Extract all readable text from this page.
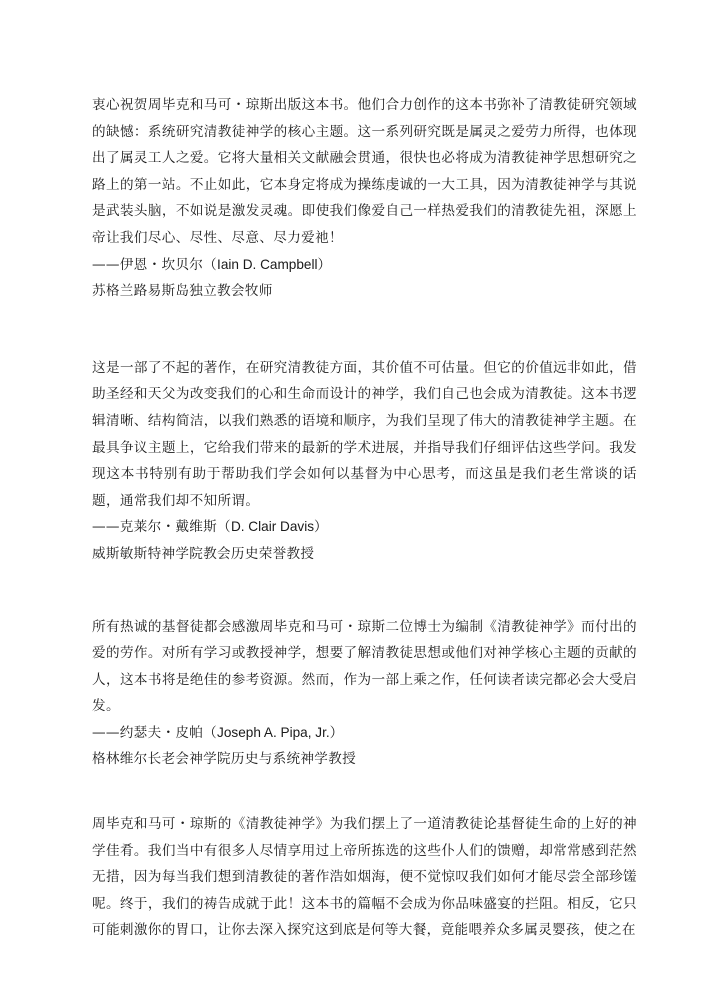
衷心祝贺周毕克和马可・琼斯出版这本书。他们合力创作的这本书弥补了清教徒研究领域的缺憾：系统研究清教徒神学的核心主题。这一系列研究既是属灵之爱劳力所得，也体现出了属灵工人之爱。它将大量相关文献融会贯通，很快也必将成为清教徒神学思想研究之路上的第一站。不止如此，它本身定将成为操练虔诚的一大工具，因为清教徒神学与其说是武装头脑，不如说是激发灵魂。即使我们像爱自己一样热爱我们的清教徒先祖，深愿上帝让我们尽心、尽性、尽意、尽力爱祂！

——伊恩・坎贝尔（Iain D. Campbell）

苏格兰路易斯岛独立教会牧师

这是一部了不起的著作，在研究清教徒方面，其价值不可估量。但它的价值远非如此，借助圣经和天父为改变我们的心和生命而设计的神学，我们自己也会成为清教徒。这本书逻辑清晰、结构简洁，以我们熟悉的语境和顺序，为我们呈现了伟大的清教徒神学主题。在最具争议主题上，它给我们带来的最新的学术进展，并指导我们仔细评估这些学问。我发现这本书特别有助于帮助我们学会如何以基督为中心思考，而这虽是我们老生常谈的话题，通常我们却不知所谓。

——克莱尔・戴维斯（D. Clair Davis）

威斯敏斯特神学院教会历史荣誉教授

所有热诚的基督徒都会感激周毕克和马可・琼斯二位博士为编制《清教徒神学》而付出的爱的劳作。对所有学习或教授神学，想要了解清教徒思想或他们对神学核心主题的贡献的人，这本书将是绝佳的参考资源。然而，作为一部上乘之作，任何读者读完都必会大受启发。

——约瑟夫・皮帕（Joseph A. Pipa, Jr.）

格林维尔长老会神学院历史与系统神学教授

周毕克和马可・琼斯的《清教徒神学》为我们摆上了一道清教徒论基督徒生命的上好的神学佳肴。我们当中有很多人尽情享用过上帝所拣选的这些仆人们的馈赠，却常常感到茫然无措，因为每当我们想到清教徒的著作浩如烟海，便不觉惊叹我们如何才能尽尝全部珍馐呢。终于，我们的祷告成就于此！这本书的篇幅不会成为你品味盛宴的拦阻。相反，它只可能刺激你的胃口，让你去深入探究这到底是何等大餐，竟能喂养众多属灵婴孩，使之在
